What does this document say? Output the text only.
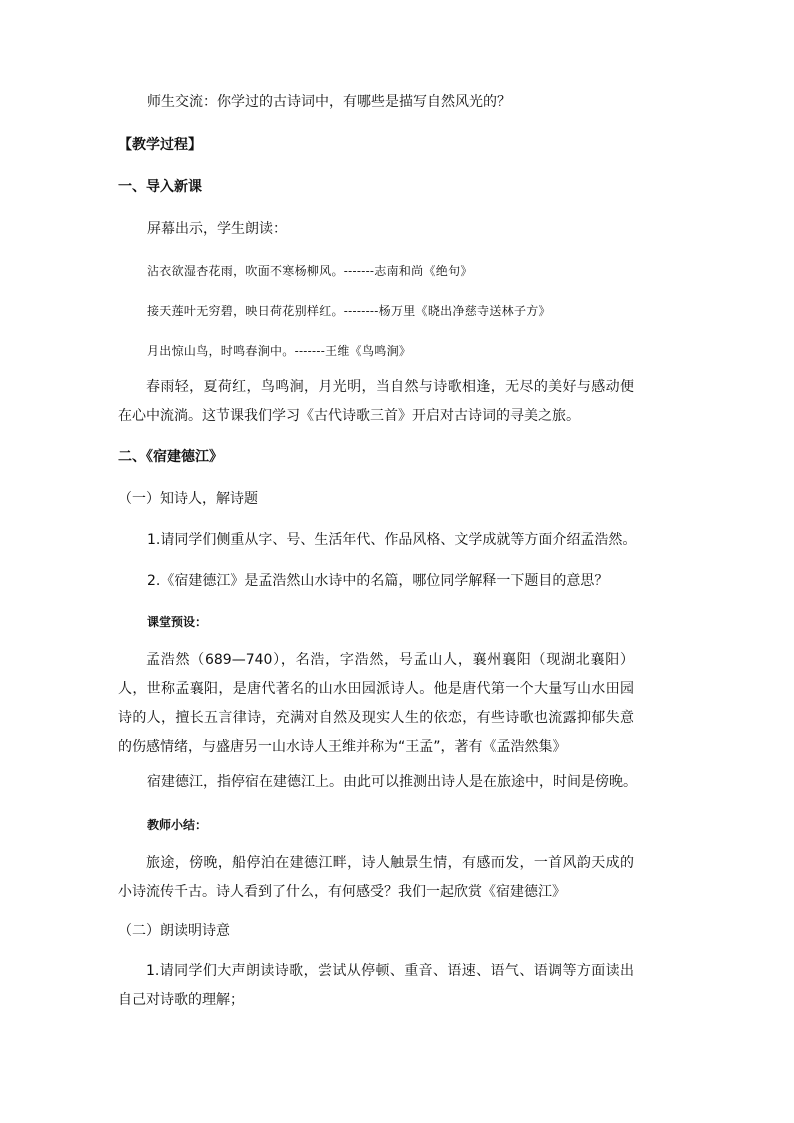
师生交流：你学过的古诗词中，有哪些是描写自然风光的？
【教学过程】
一、导入新课
屏幕出示，学生朗读：
沾衣欲湿杏花雨，吹面不寒杨柳风。-------志南和尚《绝句》
接天莲叶无穷碧，映日荷花别样红。--------杨万里《晓出净慈寺送林子方》
月出惊山鸟，时鸣春涧中。-------王维《鸟鸣涧》
春雨轻，夏荷红，鸟鸣涧，月光明，当自然与诗歌相逢，无尽的美好与感动便在心中流淌。这节课我们学习《古代诗歌三首》开启对古诗词的寻美之旅。
二、《宿建德江》
（一）知诗人，解诗题
1.请同学们侧重从字、号、生活年代、作品风格、文学成就等方面介绍孟浩然。
2.《宿建德江》是孟浩然山水诗中的名篇，哪位同学解释一下题目的意思？
课堂预设：
孟浩然（689—740），名浩，字浩然，号孟山人，襄州襄阳（现湖北襄阳）人，世称孟襄阳，是唐代著名的山水田园派诗人。他是唐代第一个大量写山水田园诗的人，擅长五言律诗，充满对自然及现实人生的依恋，有些诗歌也流露抑郁失意的伤感情绪，与盛唐另一山水诗人王维并称为“王孟”，著有《孟浩然集》
宿建德江，指停宿在建德江上。由此可以推测出诗人是在旅途中，时间是傍晚。
教师小结：
旅途，傍晚，船停泊在建德江畔，诗人触景生情，有感而发，一首风韵天成的小诗流传千古。诗人看到了什么，有何感受？我们一起欣赏《宿建德江》
（二）朗读明诗意
1.请同学们大声朗读诗歌，尝试从停顿、重音、语速、语气、语调等方面读出自己对诗歌的理解；
